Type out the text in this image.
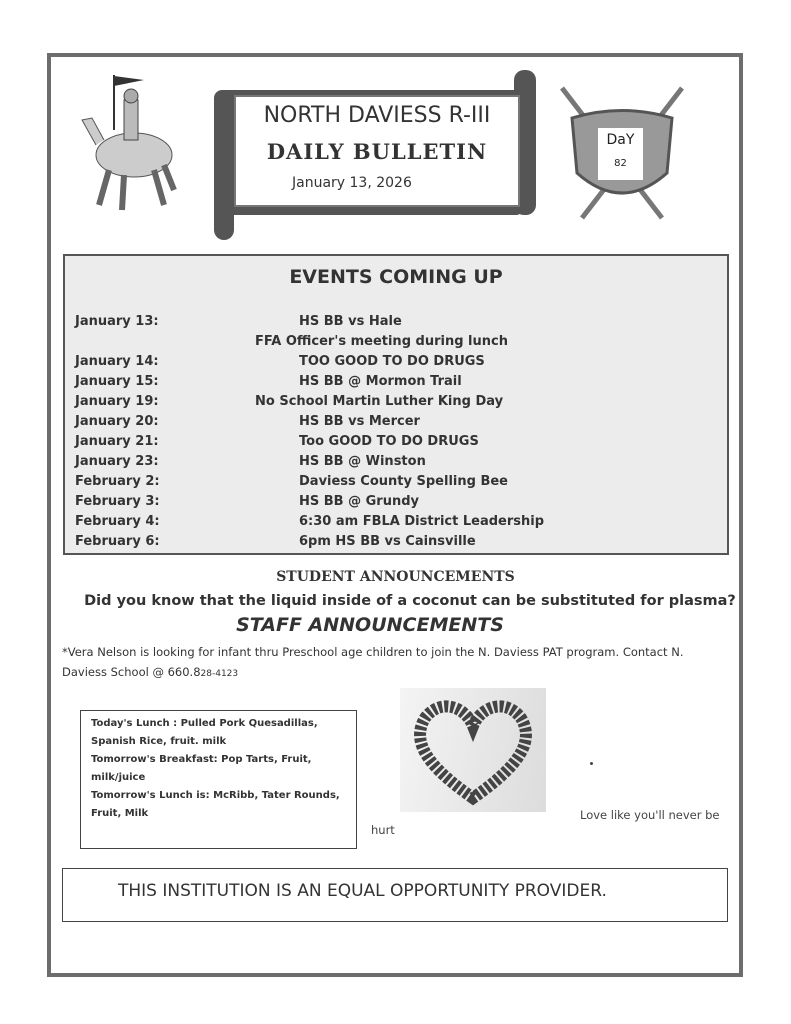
NORTH DAVIESS R-III
DAILY BULLETIN
January 13, 2026
DaY
82
EVENTS COMING UP
January 13:	HS BB vs Hale
FFA Officer's meeting during lunch
January 14:	TOO GOOD TO DO DRUGS
January 15:	HS BB @ Mormon Trail
January 19:	No School Martin Luther King Day
January 20:	HS BB vs Mercer
January 21:	Too GOOD TO DO DRUGS
January 23:	HS BB @ Winston
February 2:	Daviess County Spelling Bee
February 3:	HS BB @ Grundy
February 4:	6:30 am FBLA District Leadership
February 6:	6pm HS BB vs Cainsville
STUDENT ANNOUNCEMENTS
Did you know that the liquid inside of a coconut can be substituted for plasma?
STAFF ANNOUNCEMENTS
*Vera Nelson is looking for infant thru Preschool age children to join the N. Daviess PAT program. Contact N. Daviess School @ 660.828-4123
Today's Lunch : Pulled Pork Quesadillas,
Spanish Rice, fruit. milk
Tomorrow's Breakfast: Pop Tarts, Fruit,
milk/juice
Tomorrow's Lunch is: McRibb, Tater Rounds,
Fruit, Milk	Love like you'll never be
hurt
THIS INSTITUTION IS AN EQUAL OPPORTUNITY PROVIDER.
